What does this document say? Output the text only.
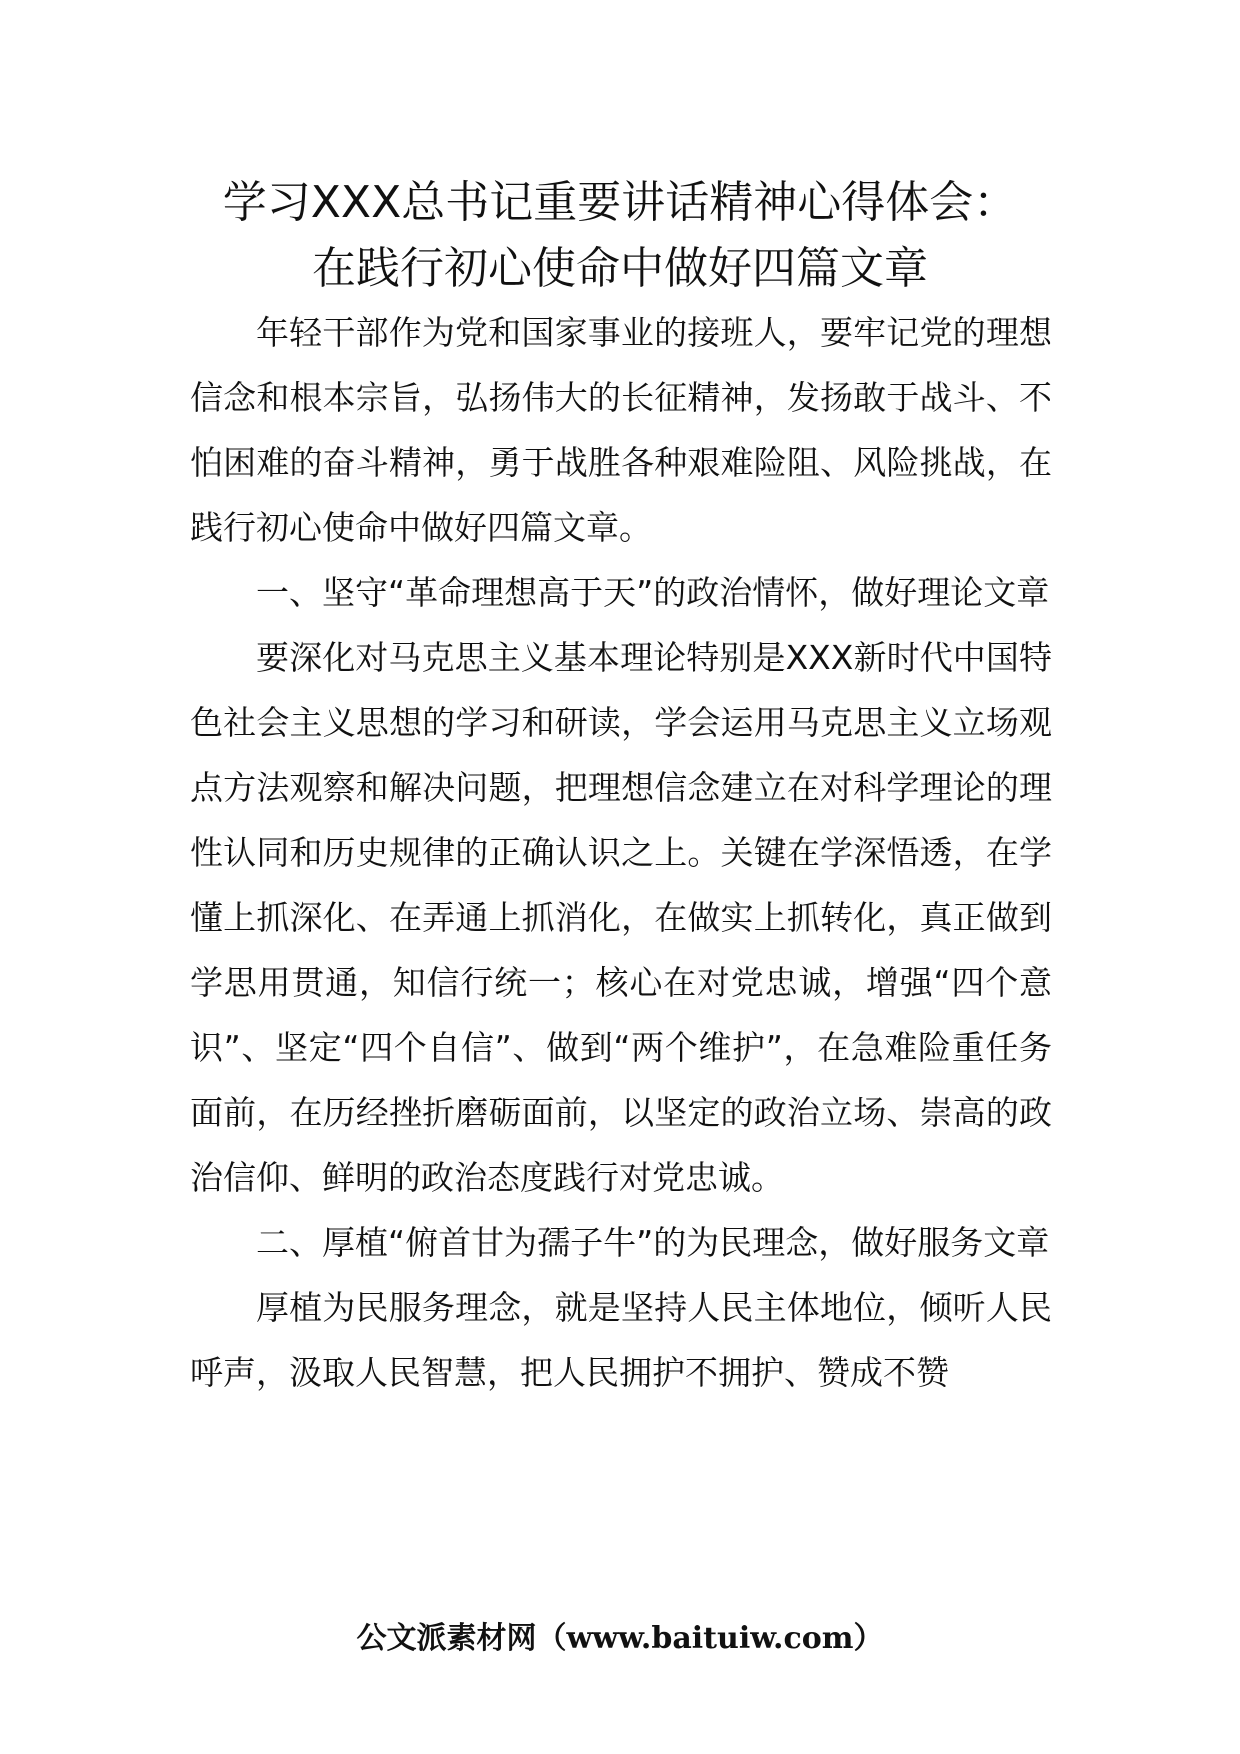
学习XXX总书记重要讲话精神心得体会：
在践行初心使命中做好四篇文章

年轻干部作为党和国家事业的接班人，要牢记党的理想信念和根本宗旨，弘扬伟大的长征精神，发扬敢于战斗、不怕困难的奋斗精神，勇于战胜各种艰难险阻、风险挑战，在践行初心使命中做好四篇文章。

一、坚守“革命理想高于天”的政治情怀，做好理论文章

要深化对马克思主义基本理论特别是XXX新时代中国特色社会主义思想的学习和研读，学会运用马克思主义立场观点方法观察和解决问题，把理想信念建立在对科学理论的理性认同和历史规律的正确认识之上。关键在学深悟透，在学懂上抓深化、在弄通上抓消化，在做实上抓转化，真正做到学思用贯通，知信行统一；核心在对党忠诚，增强“四个意识”、坚定“四个自信”、做到“两个维护”，在急难险重任务面前，在历经挫折磨砺面前，以坚定的政治立场、崇高的政治信仰、鲜明的政治态度践行对党忠诚。

二、厚植“俯首甘为孺子牛”的为民理念，做好服务文章

厚植为民服务理念，就是坚持人民主体地位，倾听人民呼声，汲取人民智慧，把人民拥护不拥护、赞成不赞

公文派素材网（www.baituiw.com）
